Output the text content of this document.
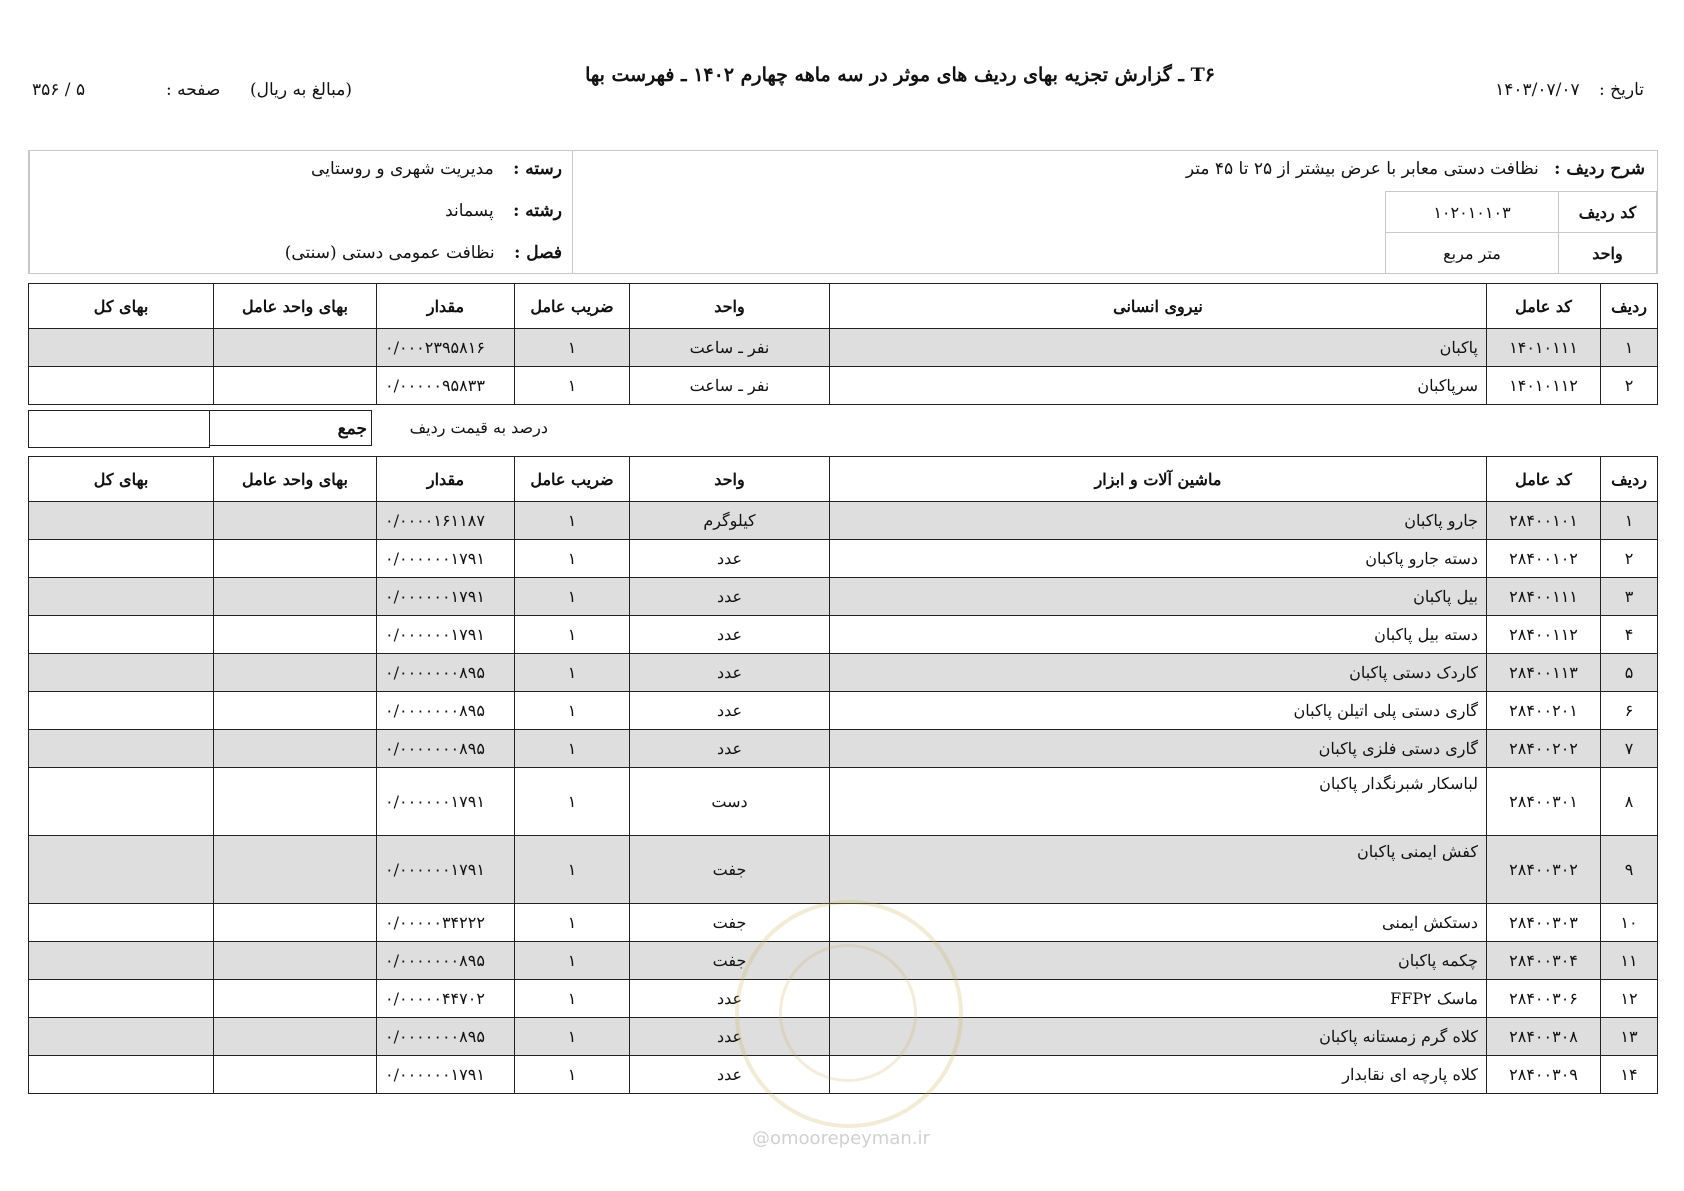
T۶ ـ گزارش تجزیه بهای ردیف های موثر در سه ماهه چهارم ۱۴۰۲ ـ فهرست بها
تاریخ : ۱۴۰۳/۰۷/۰۷
(مبالغ به ریال)
صفحه :
۵ / ۳۵۶
رسته : مدیریت شهری و روستایی
رشته : پسماند
فصل : نظافت عمومی دستی (سنتی)
شرح ردیف : نظافت دستی معابر با عرض بیشتر از ۲۵ تا ۴۵ متر
کد ردیف
۱۰۲۰۱۰۱۰۳
واحد
متر مربع
ردیف	کد عامل	نیروی انسانی	واحد	ضریب عامل	مقدار	بهای واحد عامل	بهای کل
۱	۱۴۰۱۰۱۱۱	پاکبان	نفر ـ ساعت	۱	۰/۰۰۰۲۳۹۵۸۱۶		
۲	۱۴۰۱۰۱۱۲	سرپاکبان	نفر ـ ساعت	۱	۰/۰۰۰۰۰۹۵۸۳۳		
جمع	درصد به قیمت ردیف
ردیف	کد عامل	ماشین آلات و ابزار	واحد	ضریب عامل	مقدار	بهای واحد عامل	بهای کل
۱	۲۸۴۰۰۱۰۱	جارو پاکبان	کیلوگرم	۱	۰/۰۰۰۰۱۶۱۱۸۷		
۲	۲۸۴۰۰۱۰۲	دسته جارو پاکبان	عدد	۱	۰/۰۰۰۰۰۰۱۷۹۱		
۳	۲۸۴۰۰۱۱۱	بیل پاکبان	عدد	۱	۰/۰۰۰۰۰۰۱۷۹۱		
۴	۲۸۴۰۰۱۱۲	دسته بیل پاکبان	عدد	۱	۰/۰۰۰۰۰۰۱۷۹۱		
۵	۲۸۴۰۰۱۱۳	کاردک دستی پاکبان	عدد	۱	۰/۰۰۰۰۰۰۰۸۹۵		
۶	۲۸۴۰۰۲۰۱	گاری دستی پلی اتیلن پاکبان	عدد	۱	۰/۰۰۰۰۰۰۰۸۹۵		
۷	۲۸۴۰۰۲۰۲	گاری دستی فلزی پاکبان	عدد	۱	۰/۰۰۰۰۰۰۰۸۹۵		
۸	۲۸۴۰۰۳۰۱	لباسکار شبرنگدار پاکبان	دست	۱	۰/۰۰۰۰۰۰۱۷۹۱		
۹	۲۸۴۰۰۳۰۲	کفش ایمنی پاکبان	جفت	۱	۰/۰۰۰۰۰۰۱۷۹۱		
۱۰	۲۸۴۰۰۳۰۳	دستکش ایمنی	جفت	۱	۰/۰۰۰۰۰۳۴۲۲۲		
۱۱	۲۸۴۰۰۳۰۴	چکمه پاکبان	جفت	۱	۰/۰۰۰۰۰۰۰۸۹۵		
۱۲	۲۸۴۰۰۳۰۶	ماسک FFP۲	عدد	۱	۰/۰۰۰۰۰۴۴۷۰۲		
۱۳	۲۸۴۰۰۳۰۸	کلاه گرم زمستانه پاکبان	عدد	۱	۰/۰۰۰۰۰۰۰۸۹۵		
۱۴	۲۸۴۰۰۳۰۹	کلاه پارچه ای نقابدار	عدد	۱	۰/۰۰۰۰۰۰۱۷۹۱		
@omoorepeyman.ir
